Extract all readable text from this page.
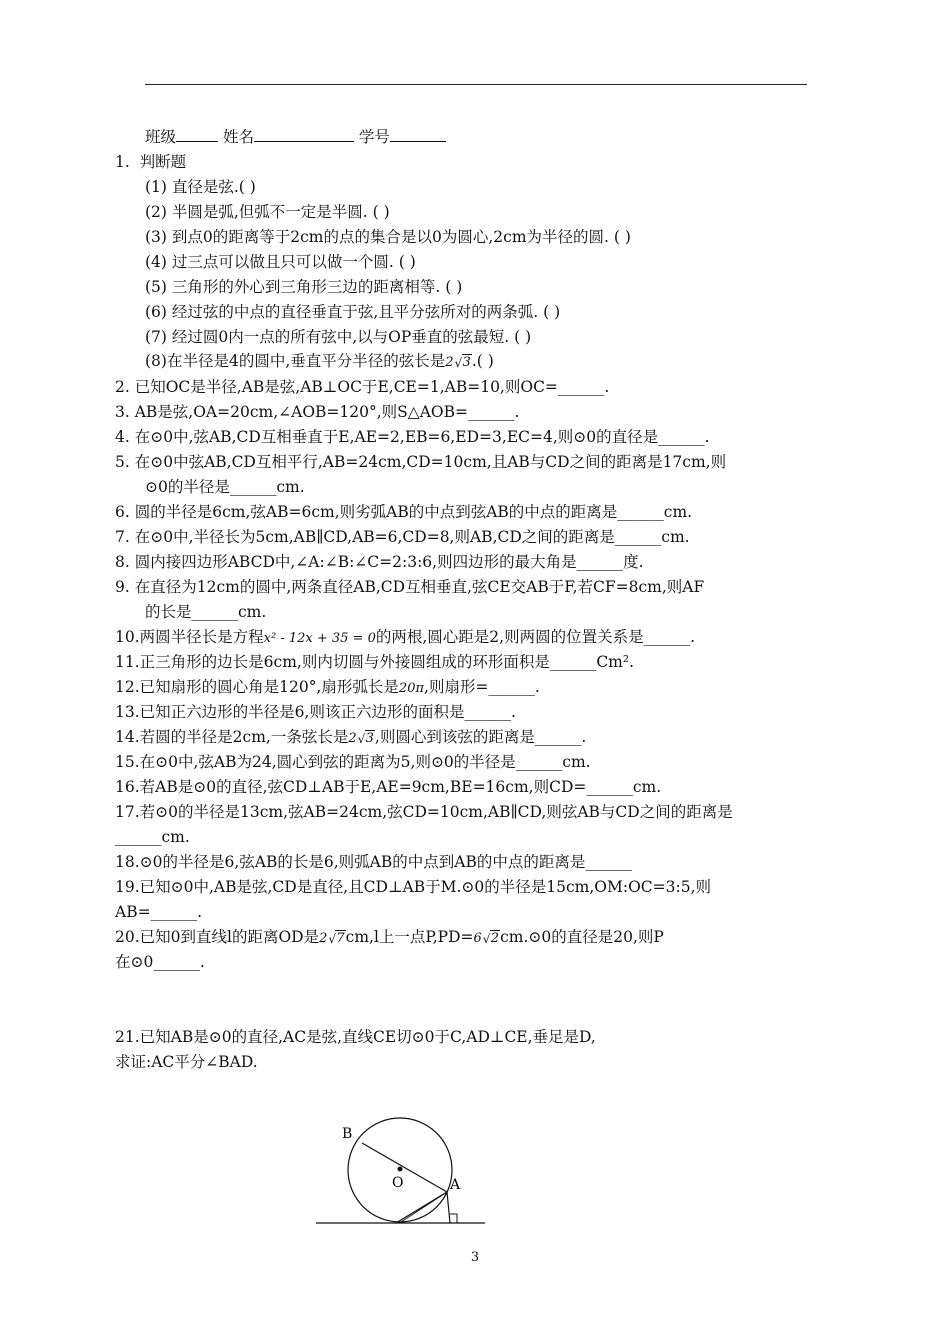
班级	姓名	学号
1. 判断题
(1) 直径是弦.( )
(2) 半圆是弧,但弧不一定是半圆. ( )
(3) 到点0的距离等于2cm的点的集合是以0为圆心,2cm为半径的圆. ( )
(4) 过三点可以做且只可以做一个圆. ( )
(5) 三角形的外心到三角形三边的距离相等. ( )
(6) 经过弦的中点的直径垂直于弦,且平分弦所对的两条弧. ( )
(7) 经过圆0内一点的所有弦中,以与OP垂直的弦最短. ( )
(8)在半径是4的圆中,垂直平分半径的弦长是2 √ 3.( )
2. 已知OC是半径,AB是弦,AB⊥OC于E,CE=1,AB=10,则OC=______.
3. AB是弦,OA=20cm,∠AOB=120°,则S△AOB=______.
4. 在⊙0中,弦AB,CD互相垂直于E,AE=2,EB=6,ED=3,EC=4,则⊙0的直径是______.
5. 在⊙0中弦AB,CD互相平行,AB=24cm,CD=10cm,且AB与CD之间的距离是17cm,则
⊙0的半径是______cm.
6. 圆的半径是6cm,弦AB=6cm,则劣弧AB的中点到弦AB的中点的距离是______cm.
7. 在⊙0中,半径长为5cm,AB∥CD,AB=6,CD=8,则AB,CD之间的距离是______cm.
8. 圆内接四边形ABCD中,∠A:∠B:∠C=2:3:6,则四边形的最大角是______度.
9. 在直径为12cm的圆中,两条直径AB,CD互相垂直,弦CE交AB于F,若CF=8cm,则AF
的长是______cm.
10.两圆半径长是方程x² - 12x + 35 = 0的两根,圆心距是2,则两圆的位置关系是______.
11.正三角形的边长是6cm,则内切圆与外接圆组成的环形面积是______Cm².
12.已知扇形的圆心角是120°,扇形弧长是20π,则扇形=______.
13.已知正六边形的半径是6,则该正六边形的面积是______.
14.若圆的半径是2cm,一条弦长是2 √ 3,则圆心到该弦的距离是______.
15.在⊙0中,弦AB为24,圆心到弦的距离为5,则⊙0的半径是______cm.
16.若AB是⊙0的直径,弦CD⊥AB于E,AE=9cm,BE=16cm,则CD=______cm.
17.若⊙0的半径是13cm,弦AB=24cm,弦CD=10cm,AB∥CD,则弦AB与CD之间的距离是
______cm.
18.⊙0的半径是6,弦AB的长是6,则弧AB的中点到AB的中点的距离是______
19.已知⊙0中,AB是弦,CD是直径,且CD⊥AB于M.⊙0的半径是15cm,OM:OC=3:5,则
AB=______.
20.已知0到直线l的距离OD是2 √ 7cm,l上一点P,PD=6 √ 2cm.⊙0的直径是20,则P
在⊙0______.
21.已知AB是⊙0的直径,AC是弦,直线CE切⊙0于C,AD⊥CE,垂足是D,
求证:AC平分∠BAD.
B
O	A
3
